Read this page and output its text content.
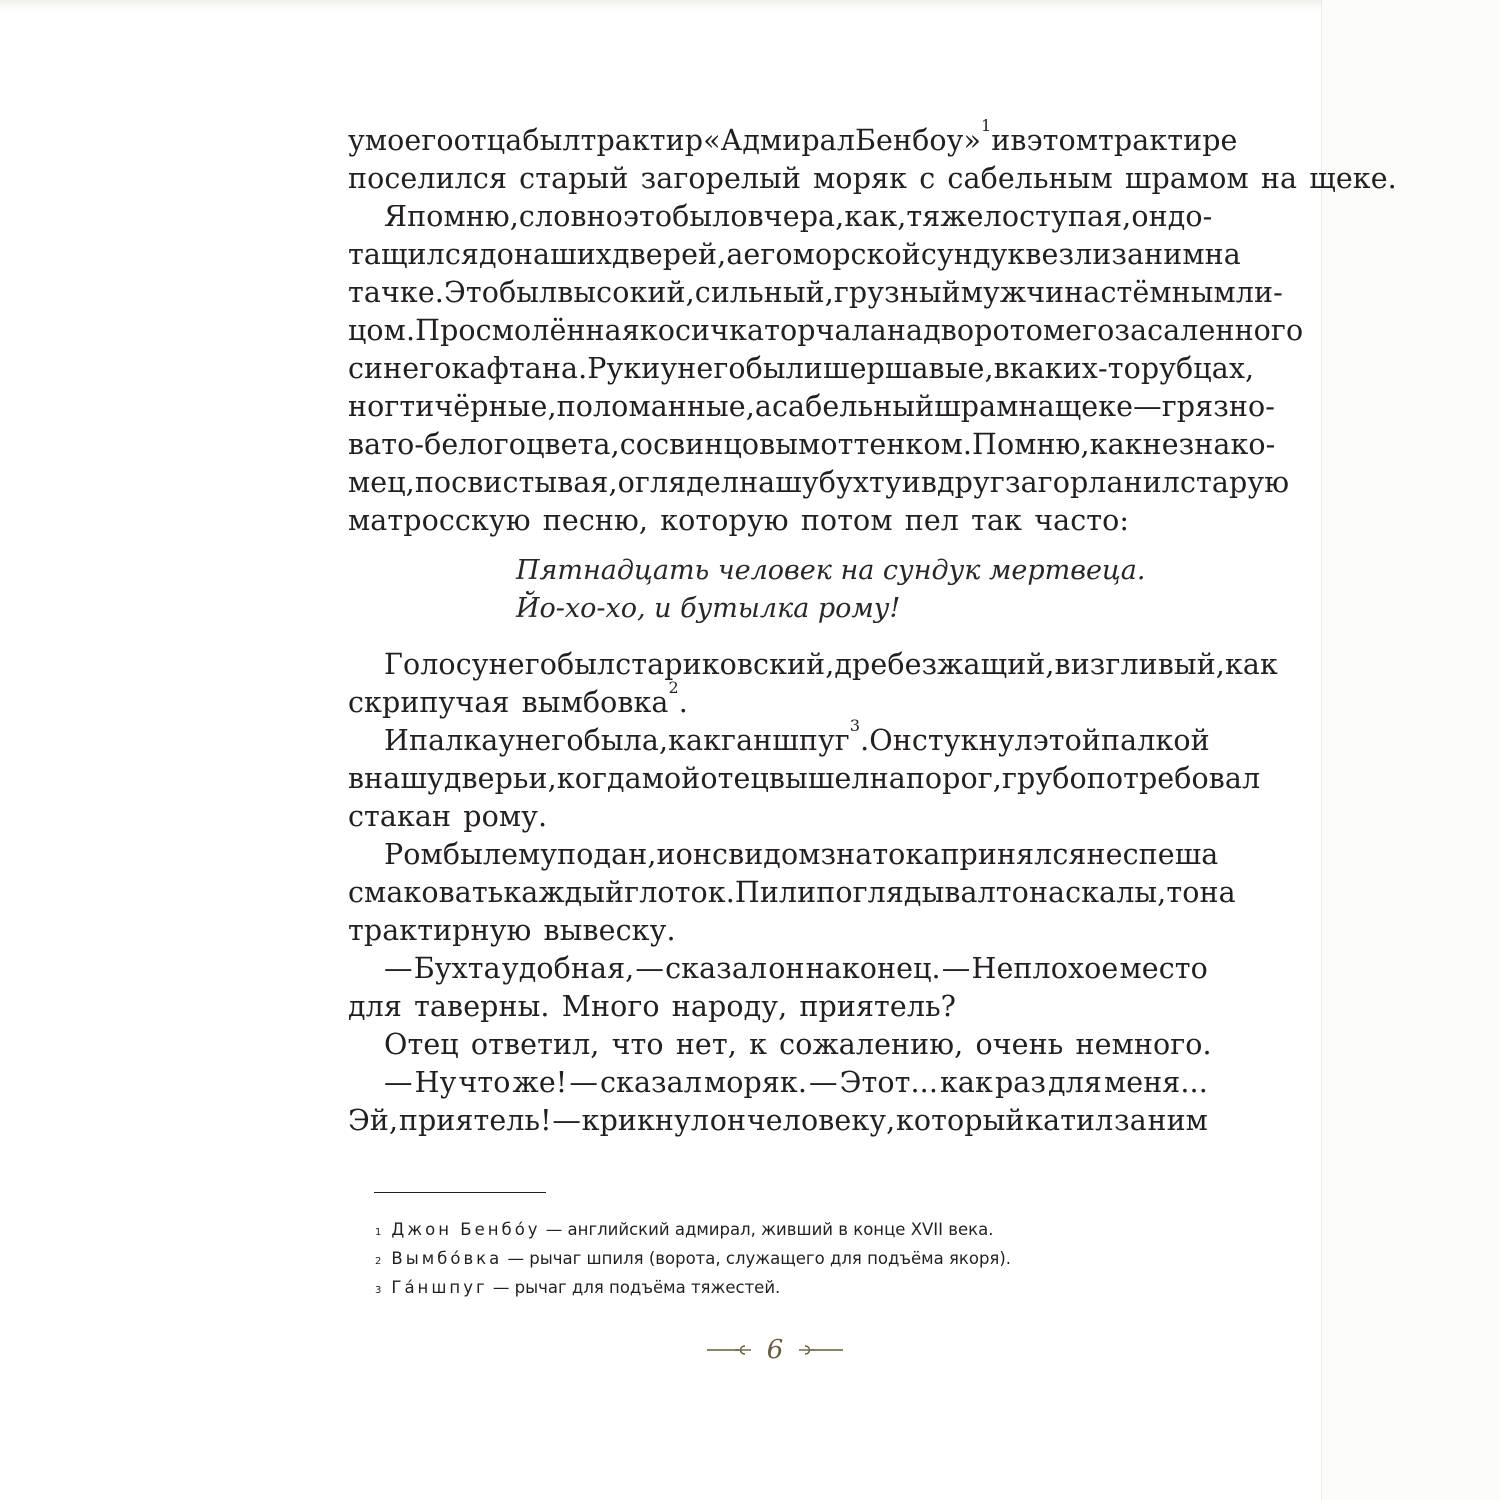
у моего отца был трактир «Адмирал Бенбоу»$^1$ и в этом трактире
поселился старый загорелый моряк с сабельным шрамом на щеке.
Я помню, словно это было вчера, как, тяжело ступая, он до-
тащился до наших дверей, а его морской сундук везли за ним на
тачке. Это был высокий, сильный, грузный мужчина с тёмным ли-
цом. Просмолённая косичка торчала над воротом его засаленного
синего кафтана. Руки у него были шершавые, в каких-то рубцах,
ногти чёрные, поломанные, а сабельный шрам на щеке — грязно-
вато-белого цвета, со свинцовым оттенком. Помню, как незнако-
мец, посвистывая, оглядел нашу бухту и вдруг загорланил старую
матросскую песню, которую потом пел так часто:
Пятнадцать человек на сундук мертвеца.
Йо-хо-хо, и бутылка рому!
Голос у него был стариковский, дребезжащий, визгливый, как
скрипучая вымбовка$^2$ .
И палка у него была, как ганшпуг$^3$. Он стукнул этой палкой
в нашу дверь и, когда мой отец вышел на порог, грубо потребовал
стакан рому.
Ром был ему подан, и он с видом знатока принялся не спеша
смаковать каждый глоток. Пил и поглядывал то на скалы, то на
трактирную вывеску.
— Бухта удобная, — сказал он наконец. — Неплохое место
для таверны. Много народу, приятель?
Отец ответил, что нет, к сожалению, очень немного.
— Ну что же! — сказал моряк. — Этот... как раз для меня...
Эй, приятель! — крикнул он человеку, который катил за ним
$^1$ Джон Бенбо́у — английский адмирал, живший в конце XVII века.
$^2$ Вымбо́вка — рычаг шпиля (ворота, служащего для подъёма якоря).
$^3$ Га́ншпуг — рычаг для подъёма тяжестей.
6
